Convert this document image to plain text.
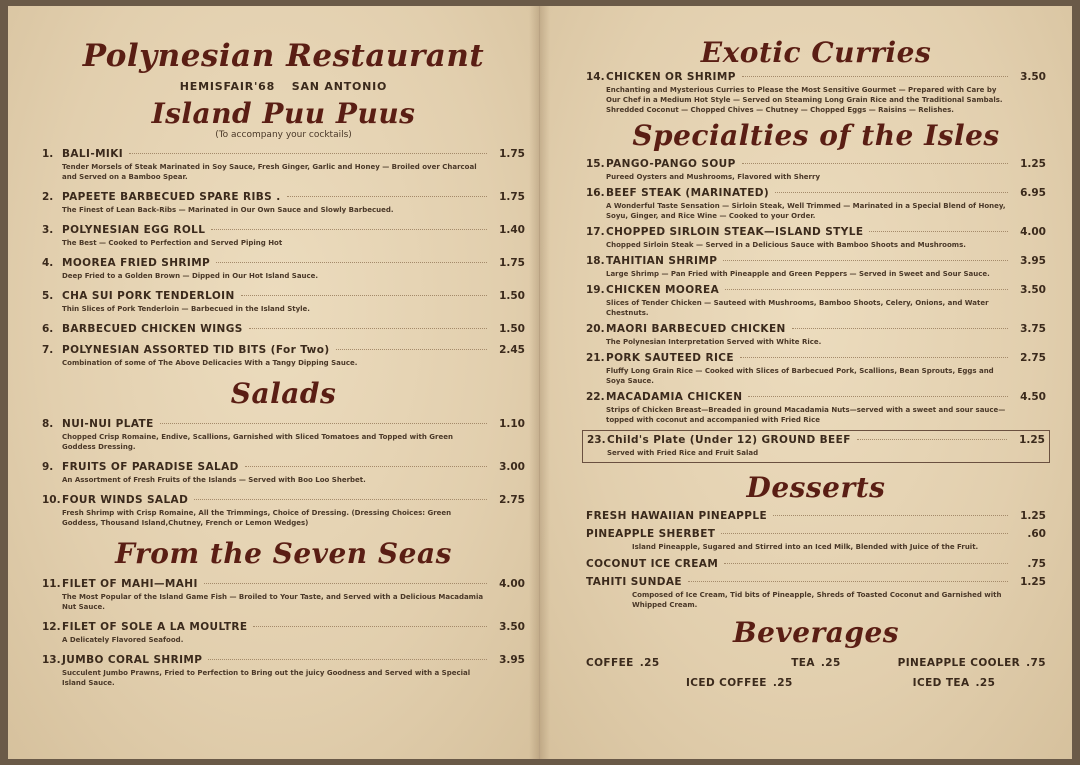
Polynesian Restaurant
HEMISFAIR'68 SAN ANTONIO
Island Puu Puus
(To accompany your cocktails)
1. BALI-MIKI	1.75
Tender Morsels of Steak Marinated in Soy Sauce, Fresh Ginger, Garlic and Honey — Broiled over Charcoal and Served on a Bamboo Spear.
2. PAPEETE BARBECUED SPARE RIBS .	1.75
The Finest of Lean Back-Ribs — Marinated in Our Own Sauce and Slowly Barbecued.
3. POLYNESIAN EGG ROLL	1.40
The Best — Cooked to Perfection and Served Piping Hot
4. MOOREA FRIED SHRIMP	1.75
Deep Fried to a Golden Brown — Dipped in Our Hot Island Sauce.
5. CHA SUI PORK TENDERLOIN	1.50
Thin Slices of Pork Tenderloin — Barbecued in the Island Style.
6. BARBECUED CHICKEN WINGS	1.50
7. POLYNESIAN ASSORTED TID BITS (For Two)	2.45
Combination of some of The Above Delicacies With a Tangy Dipping Sauce.
Salads
8. NUI-NUI PLATE	1.10
Chopped Crisp Romaine, Endive, Scallions, Garnished with Sliced Tomatoes and Topped with Green Goddess Dressing.
9. FRUITS OF PARADISE SALAD	3.00
An Assortment of Fresh Fruits of the Islands — Served with Boo Loo Sherbet.
10. FOUR WINDS SALAD	2.75
Fresh Shrimp with Crisp Romaine, All the Trimmings, Choice of Dressing. (Dressing Choices: Green Goddess, Thousand Island,Chutney, French or Lemon Wedges)
From the Seven Seas
11. FILET OF MAHI—MAHI	4.00
The Most Popular of the Island Game Fish — Broiled to Your Taste, and Served with a Delicious Macadamia Nut Sauce.
12. FILET OF SOLE A LA MOULTRE	3.50
A Delicately Flavored Seafood.
13. JUMBO CORAL SHRIMP	3.95
Succulent Jumbo Prawns, Fried to Perfection to Bring out the juicy Goodness and Served with a Special Island Sauce.
Exotic Curries
14. CHICKEN OR SHRIMP	3.50
Enchanting and Mysterious Curries to Please the Most Sensitive Gourmet — Prepared with Care by Our Chef in a Medium Hot Style — Served on Steaming Long Grain Rice and the Traditional Sambals. Shredded Coconut — Chopped Chives — Chutney — Chopped Eggs — Raisins — Relishes.
Specialties of the Isles
15. PANGO-PANGO SOUP	1.25
Pureed Oysters and Mushrooms, Flavored with Sherry
16. BEEF STEAK (MARINATED)	6.95
A Wonderful Taste Sensation — Sirloin Steak, Well Trimmed — Marinated in a Special Blend of Honey, Soyu, Ginger, and Rice Wine — Cooked to your Order.
17. CHOPPED SIRLOIN STEAK—ISLAND STYLE	4.00
Chopped Sirloin Steak — Served in a Delicious Sauce with Bamboo Shoots and Mushrooms.
18. TAHITIAN SHRIMP	3.95
Large Shrimp — Pan Fried with Pineapple and Green Peppers — Served in Sweet and Sour Sauce.
19. CHICKEN MOOREA	3.50
Slices of Tender Chicken — Sauteed with Mushrooms, Bamboo Shoots, Celery, Onions, and Water Chestnuts.
20. MAORI BARBECUED CHICKEN	3.75
The Polynesian Interpretation Served with White Rice.
21. PORK SAUTEED RICE	2.75
Fluffy Long Grain Rice — Cooked with Slices of Barbecued Pork, Scallions, Bean Sprouts, Eggs and Soya Sauce.
22. MACADAMIA CHICKEN	4.50
Strips of Chicken Breast—Breaded in ground Macadamia Nuts—served with a sweet and sour sauce—topped with coconut and accompanied with Fried Rice
23. Child's Plate (Under 12) GROUND BEEF	1.25
Served with Fried Rice and Fruit Salad
Desserts
FRESH HAWAIIAN PINEAPPLE	1.25
PINEAPPLE SHERBET	.60
Island Pineapple, Sugared and Stirred into an Iced Milk, Blended with Juice of the Fruit.
COCONUT ICE CREAM	.75
TAHITI SUNDAE	1.25
Composed of Ice Cream, Tid bits of Pineapple, Shreds of Toasted Coconut and Garnished with Whipped Cream.
Beverages
COFFEE .25	TEA .25	PINEAPPLE COOLER .75
ICED COFFEE .25	ICED TEA .25
